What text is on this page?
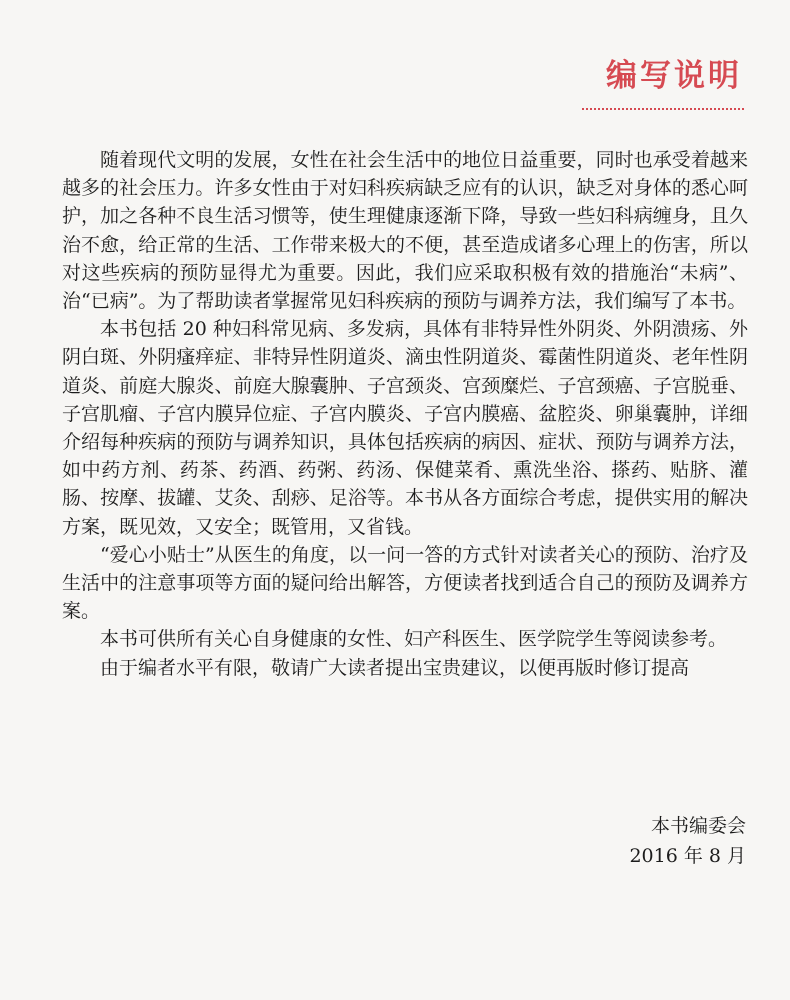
编写说明

随着现代文明的发展，女性在社会生活中的地位日益重要，同时也承受着越来越多的社会压力。许多女性由于对妇科疾病缺乏应有的认识，缺乏对身体的悉心呵护，加之各种不良生活习惯等，使生理健康逐渐下降，导致一些妇科病缠身，且久治不愈，给正常的生活、工作带来极大的不便，甚至造成诸多心理上的伤害，所以对这些疾病的预防显得尤为重要。因此，我们应采取积极有效的措施治“未病”、治“已病”。为了帮助读者掌握常见妇科疾病的预防与调养方法，我们编写了本书。

本书包括 20 种妇科常见病、多发病，具体有非特异性外阴炎、外阴溃疡、外阴白斑、外阴瘙痒症、非特异性阴道炎、滴虫性阴道炎、霉菌性阴道炎、老年性阴道炎、前庭大腺炎、前庭大腺囊肿、子宫颈炎、宫颈糜烂、子宫颈癌、子宫脱垂、子宫肌瘤、子宫内膜异位症、子宫内膜炎、子宫内膜癌、盆腔炎、卵巢囊肿，详细介绍每种疾病的预防与调养知识，具体包括疾病的病因、症状、预防与调养方法，如中药方剂、药茶、药酒、药粥、药汤、保健菜肴、熏洗坐浴、搽药、贴脐、灌肠、按摩、拔罐、艾灸、刮痧、足浴等。本书从各方面综合考虑，提供实用的解决方案，既见效，又安全；既管用，又省钱。

“爱心小贴士”从医生的角度，以一问一答的方式针对读者关心的预防、治疗及生活中的注意事项等方面的疑问给出解答，方便读者找到适合自己的预防及调养方案。

本书可供所有关心自身健康的女性、妇产科医生、医学院学生等阅读参考。

由于编者水平有限，敬请广大读者提出宝贵建议，以便再版时修订提高

本书编委会
2016 年 8 月
